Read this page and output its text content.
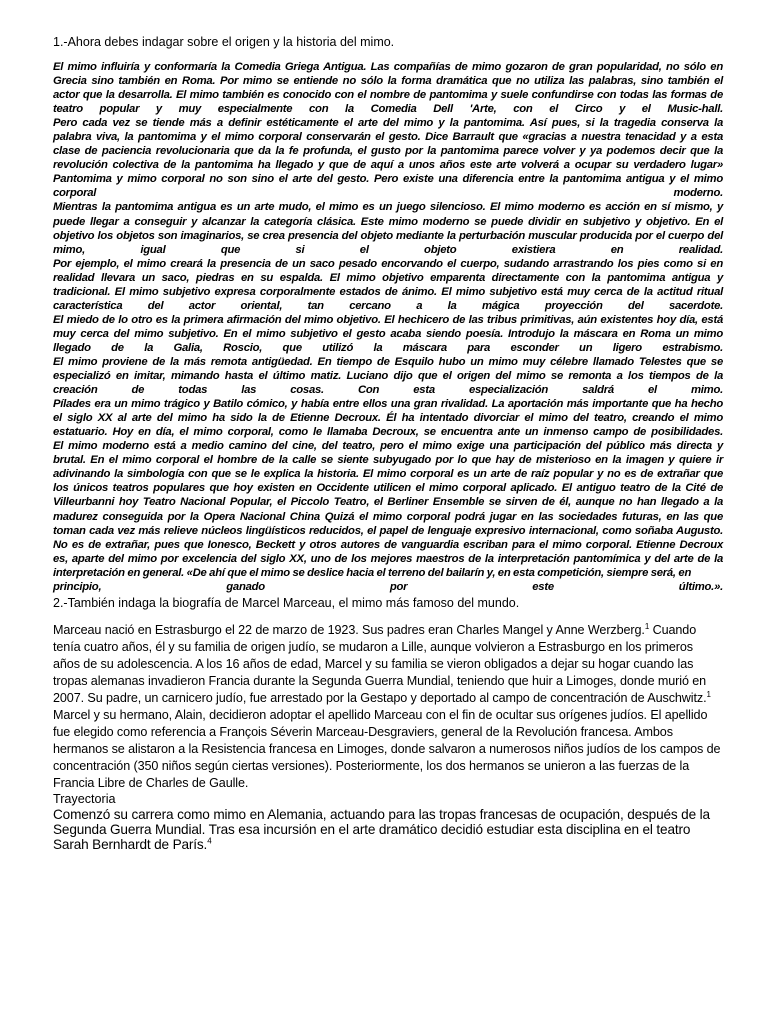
1.-Ahora debes indagar sobre el origen y la historia del mimo.

El mimo influiría y conformaría la Comedia Griega Antigua. Las compañías de mimo gozaron de gran popularidad, no sólo en

Grecia sino también en Roma. Por mimo se entiende no sólo la forma dramática que no utiliza las palabras, sino también el

actor que la desarrolla. El mimo también es conocido con el nombre de pantomima y suele confundirse con todas las formas de

teatro popular y muy especialmente con la Comedia Dell 'Arte, con el Circo y el Music-hall.

Pero cada vez se tiende más a definir estéticamente el arte del mimo y la pantomima. Así pues, si la tragedia conserva la

palabra viva, la pantomima y el mimo corporal conservarán el gesto. Dice Barrault que «gracias a nuestra tenacidad y a esta

clase de paciencia revolucionaria que da la fe profunda, el gusto por la pantomima parece volver y ya podemos decir que la

revolución colectiva de la pantomima ha llegado y que de aquí a unos años este arte volverá a ocupar su verdadero lugar»

Pantomima y mimo corporal no son sino el arte del gesto. Pero existe una diferencia entre la pantomima antigua y el mimo

corporal moderno.

Mientras la pantomima antigua es un arte mudo, el mimo es un juego silencioso. El mimo moderno es acción en sí mismo, y

puede llegar a conseguir y alcanzar la categoría clásica. Este mimo moderno se puede dividir en subjetivo y objetivo. En el

objetivo los objetos son imaginarios, se crea presencia del objeto mediante la perturbación muscular producida por el cuerpo del

mimo, igual que si el objeto existiera en realidad.

Por ejemplo, el mimo creará la presencia de un saco pesado encorvando el cuerpo, sudando arrastrando los pies como si en

realidad llevara un saco, piedras en su espalda. El mimo objetivo emparenta directamente con la pantomima antigua y

tradicional. El mimo subjetivo expresa corporalmente estados de ánimo. El mimo subjetivo está muy cerca de la actitud ritual

característica del actor oriental, tan cercano a la mágica proyección del sacerdote.

El miedo de lo otro es la primera afirmación del mimo objetivo. El hechicero de las tribus primitivas, aún existentes hoy día, está

muy cerca del mimo subjetivo. En el mimo subjetivo el gesto acaba siendo poesía. Introdujo la máscara en Roma un mimo

llegado de la Galia, Roscio, que utilizó la máscara para esconder un ligero estrabismo.

El mimo proviene de la más remota antigüedad. En tiempo de Esquilo hubo un mimo muy célebre llamado Telestes que se

especializó en imitar, mimando hasta el último matiz. Luciano dijo que el origen del mimo se remonta a los tiempos de la

creación de todas las cosas. Con esta especialización saldrá el mimo.

Pílades era un mimo trágico y Batilo cómico, y había entre ellos una gran rivalidad. La aportación más importante que ha hecho

el siglo XX al arte del mimo ha sido la de Etienne Decroux. Él ha intentado divorciar el mimo del teatro, creando el mimo

estatuario. Hoy en día, el mimo corporal, como le llamaba Decroux, se encuentra ante un inmenso campo de posibilidades.

El mimo moderno está a medio camino del cine, del teatro, pero el mimo exige una participación del público más directa y

brutal. En el mimo corporal el hombre de la calle se siente subyugado por lo que hay de misterioso en la imagen y quiere ir

adivinando la simbología con que se le explica la historia. El mimo corporal es un arte de raíz popular y no es de extrañar que

los únicos teatros populares que hoy existen en Occidente utilicen el mimo corporal aplicado. El antiguo teatro de la Cité de

Villeurbanni hoy Teatro Nacional Popular, el Piccolo Teatro, el Berliner Ensemble se sirven de él, aunque no han llegado a la

madurez conseguida por la Opera Nacional China Quizá el mimo corporal podrá jugar en las sociedades futuras, en las que

toman cada vez más relieve núcleos lingüísticos reducidos, el papel de lenguaje expresivo internacional, como soñaba Augusto.

No es de extrañar, pues que Ionesco, Beckett y otros autores de vanguardia escriban para el mimo corporal. Etienne Decroux

es, aparte del mimo por excelencia del siglo XX, uno de los mejores maestros de la interpretación pantomímica y del arte de la

interpretación en general. «De ahí que el mimo se deslice hacia el terreno del bailarín y, en esta competición, siempre será, en

principio, ganado por este último.».

2.-También indaga la biografía de Marcel Marceau, el mimo más famoso del mundo.

Marceau nació en Estrasburgo el 22 de marzo de 1923. Sus padres eran Charles Mangel y Anne Werzberg.$^1$ Cuando tenía cuatro años, él y su familia de origen judío, se mudaron a Lille, aunque volvieron a Estrasburgo en los primeros años de su adolescencia. A los 16 años de edad, Marcel y su familia se vieron obligados a dejar su hogar cuando las tropas alemanas invadieron Francia durante la Segunda Guerra Mundial, teniendo que huir a Limoges, donde murió en 2007. Su padre, un carnicero judío, fue arrestado por la Gestapo y deportado al campo de concentración de Auschwitz.$^1$

Marcel y su hermano, Alain, decidieron adoptar el apellido Marceau con el fin de ocultar sus orígenes judíos. El apellido fue elegido como referencia a François Séverin Marceau-Desgraviers, general de la Revolución francesa. Ambos hermanos se alistaron a la Resistencia francesa en Limoges, donde salvaron a numerosos niños judíos de los campos de concentración (350 niños según ciertas versiones). Posteriormente, los dos hermanos se unieron a las fuerzas de la Francia Libre de Charles de Gaulle.

Trayectoria

Comenzó su carrera como mimo en Alemania, actuando para las tropas francesas de ocupación, después de la Segunda Guerra Mundial. Tras esa incursión en el arte dramático decidió estudiar esta disciplina en el teatro Sarah Bernhardt de París.$^4$
